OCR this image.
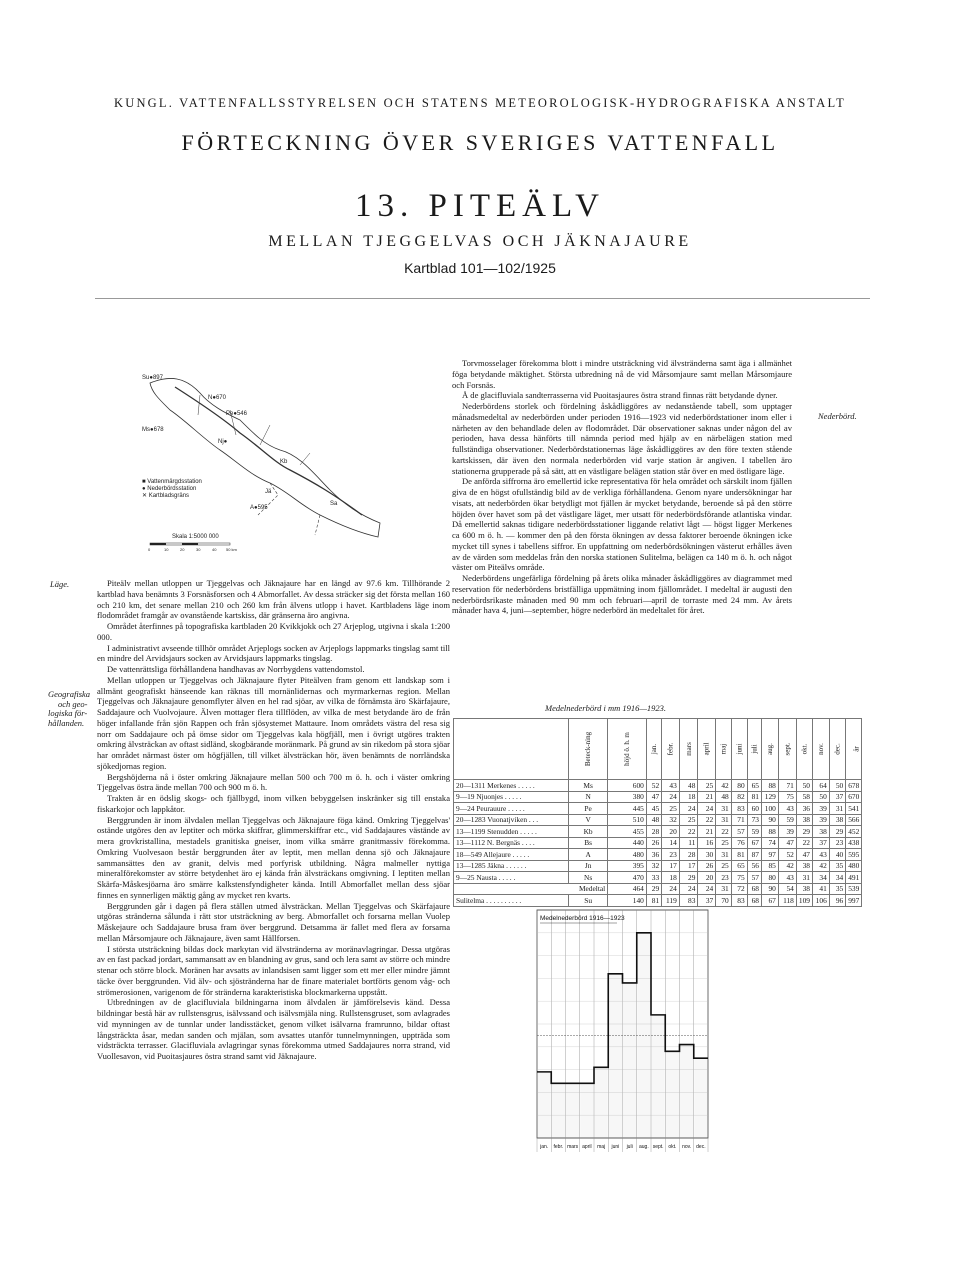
KUNGL. VATTENFALLSSTYRELSEN OCH STATENS METEOROLOGISK-HYDROGRAFISKA ANSTALT
FÖRTECKNING ÖVER SVERIGES VATTENFALL
13. PITEÄLV
MELLAN TJEGGELVAS OCH JÄKNAJAURE
Kartblad 101—102/1925
Su●897
N●670
Pe●546
Ms●678
Nj●
A●595
Kb
Jä
Sa
■ Vattenmärgdsstation
● Nederbördsstation
✕ Kartbladsgräns
Skala 1:5000 000
0	10	20	30	40 50 km
Läge.
Geografiska
och geo-
logiska för-
hållanden.
Nederbörd.

Piteälv mellan utloppen ur Tjeggelvas och Jäknajaure har en längd av 97.6 km. Tillhörande 2 kartblad hava benämnts 3 Forsnäsforsen och 4 Abmorfallet. Av dessa sträcker sig det första mellan 160 och 210 km, det senare mellan 210 och 260 km från älvens utlopp i havet. Kartbladens läge inom flodområdet framgår av ovanstående kartskiss, där gränserna äro angivna.

Området återfinnes på topografiska kartbladen 20 Kvikkjokk och 27 Arjeplog, utgivna i skala 1:200 000.

I administrativt avseende tillhör området Arjeplogs socken av Arjeplogs lappmarks tingslag samt till en mindre del Arvidsjaurs socken av Arvidsjaurs lappmarks tingslag.

De vattenrättsliga förhållandena handhavas av Norrbygdens vattendomstol.

Mellan utloppen ur Tjeggelvas och Jäknajaure flyter Piteälven fram genom ett landskap som i allmänt geografiskt hänseende kan räknas till mornänlidernas och myrmarkernas region. Mellan Tjeggelvas och Jäknajaure genomflyter älven en hel rad sjöar, av vilka de förnämsta äro Skärfajaure, Saddajaure och Vuolvojaure. Älven mottager flera tillflöden, av vilka de mest betydande äro de från höger infallande från sjön Rappen och från sjösystemet Mattaure. Inom områdets västra del resa sig norr om Saddajaure och på ömse sidor om Tjeggelvas kala högfjäll, men i övrigt utgöres trakten omkring älvsträckan av oftast sidländ, skogbärande moränmark. På grund av sin rikedom på stora sjöar har området närmast öster om högfjällen, till vilket älvsträckan hör, även benämnts de norrländska sjökedjornas region.

Bergshöjderna nå i öster omkring Jäknajaure mellan 500 och 700 m ö. h. och i väster omkring Tjeggelvas östra ände mellan 700 och 900 m ö. h.

Trakten är en ödslig skogs- och fjällbygd, inom vilken bebyggelsen inskränker sig till enstaka fiskarkojor och lappkåtor.

Berggrunden är inom älvdalen mellan Tjeggelvas och Jäknajaure föga känd. Omkring Tjeggelvas' ostände utgöres den av leptiter och mörka skiffrar, glimmerskiffrar etc., vid Saddajaures västände av mera grovkristallina, mestadels granitiska gneiser, inom vilka smärre granitmassiv förekomma. Omkring Vuolvesaon består berggrunden åter av leptit, men mellan denna sjö och Jäknajaure sammansättes den av granit, delvis med porfyrisk utbildning. Några malmeller nyttiga mineralförekomster av större betydenhet äro ej kända från älvsträckans omgivning. I leptiten mellan Skärfa-Måskesjöarna äro smärre kalkstensfyndigheter kända. Intill Abmorfallet mellan dess sjöar finnes en synnerligen mäktig gång av mycket ren kvarts.

Berggrunden går i dagen på flera ställen utmed älvsträckan. Mellan Tjeggelvas och Skärfajaure utgöras stränderna sålunda i rätt stor utsträckning av berg. Abmorfallet och forsarna mellan Vuolep Måskejaure och Saddajaure brusa fram över berggrund. Detsamma är fallet med flera av forsarna mellan Mårsomjaure och Jäknajaure, även samt Hällforsen.

I största utsträckning bildas dock markytan vid älvstränderna av moränavlagringar. Dessa utgöras av en fast packad jordart, sammansatt av en blandning av grus, sand och lera samt av större och mindre stenar och större block. Moränen har avsatts av inlandsisen samt ligger som ett mer eller mindre jämnt täcke över berggrunden. Vid älv- och sjöstränderna har de finare materialet bortförts genom våg- och strömerosionen, varigenom de för stränderna karakteristiska blockmarkerna uppstått.

Utbredningen av de glacifluviala bildningarna inom älvdalen är jämförelsevis känd. Dessa bildningar bestå här av rullstensgrus, isälvssand och isälvsmjäla ning. Rullstensgruset, som avlagrades vid mynningen av de tunnlar under landisstäcket, genom vilket isälvarna framrunno, bildar oftast långsträckta åsar, medan sanden och mjälan, som avsattes utanför tunnelmynningen, uppträda som vidsträckta terrasser. Glacifluviala avlagringar synas förekomma utmed Saddajaures norra strand, vid Vuollesavon, vid Puoitasjaures östra strand samt vid Jäknajaure.

Torvmosselager förekomma blott i mindre utsträckning vid älvstränderna samt äga i allmänhet föga betydande mäktighet. Största utbredning nå de vid Mårsomjaure samt mellan Mårsomjaure och Forsnäs.

Å de glacifluviala sandterrasserna vid Puoitasjaures östra strand finnas rätt betydande dyner.

Nederbördens storlek och fördelning åskådliggöres av nedanstående tabell, som upptager månadsmedeltal av nederbörden under perioden 1916—1923 vid nederbördstationer inom eller i närheten av den behandlade delen av flodområdet. Där observationer saknas under någon del av perioden, hava dessa hänförts till nämnda period med hjälp av en närbelägen station med fullständiga observationer. Nederbördstationernas läge åskådliggöres av den före texten stående kartskissen, där även den normala nederbörden vid varje station är angiven. I tabellen äro stationerna grupperade på så sätt, att en västligare belägen station står över en med östligare läge.

De anförda siffrorna äro emellertid icke representativa för hela området och särskilt inom fjällen giva de en högst ofullständig bild av de verkliga förhållandena. Genom nyare undersökningar har visats, att nederbörden ökar betydligt mot fjällen är mycket betydande, beroende så på den större höjden över havet som på det västligare läget, mer utsatt för nederbördsförande atlantiska vindar. Då emellertid saknas tidigare nederbördsstationer liggande relativt lågt — högst ligger Merkenes ca 600 m ö. h. — kommer den på den första ökningen av dessa faktorer beroende ökningen icke mycket till synes i tabellens siffror. En uppfattning om nederbördsökningen västerut erhålles även av de värden som meddelas från den norska stationen Sulitelma, belägen ca 140 m ö. h. och något väster om Piteälvs område.

Nederbördens ungefärliga fördelning på årets olika månader åskådliggöres av diagrammet med reservation för nederbördens bristfälliga uppmätning inom fjällområdet. I medeltal är augusti den nederbördsrikaste månaden med 90 mm och februari—april de torraste med 24 mm. Av årets månader hava 4, juni—september, högre nederbörd än medeltalet för året.

Medelnederbörd i mm 1916—1923.
	Beteck-ning	höjd ö. h. m	jan.	febr.	mars	april	maj	juni	juli	aug.	sept.	okt.	nov.	dec.	år
20—1311 Merkenes . . . . .	Ms	600	52	43	48	25	42	80	65	88	71	50	64	50	678
9—19 Njuonjes . . . . .	N	380	47	24	18	21	48	82	81	129	75	58	50	37	670
9—24 Peurauure . . . . .	Pe	445	45	25	24	24	31	83	60	100	43	36	39	31	541
20—1283 Vuonatjviken . . .	V	510	48	32	25	22	31	71	73	90	59	38	39	38	566
13—1199 Stenudden . . . . .	Kb	455	28	20	22	21	22	57	59	88	39	29	38	29	452
13—1112 N. Bergnäs . . . .	Bs	440	26	14	11	16	25	76	67	74	47	22	37	23	438
18—549 Allejaure . . . . .	A	480	36	23	28	30	31	81	87	97	52	47	43	40	595
13—1285 Jäkna . . . . . .	Jn	395	32	17	17	26	25	65	56	85	42	38	42	35	480
9—25 Nausta . . . . .	Ns	470	33	18	29	20	23	75	57	80	43	31	34	34	491
Medeltal		464	29	24	24	24	31	72	68	90	54	38	41	35	539
Sulitelma . . . . . . . . . .	Su	140	81	119	83	37	70	83	68	67	118	109	106	96	997
Medelnederbörd 1916—1923
jan. febr. mars april maj juni juli aug. sept. okt. nov. dec.
